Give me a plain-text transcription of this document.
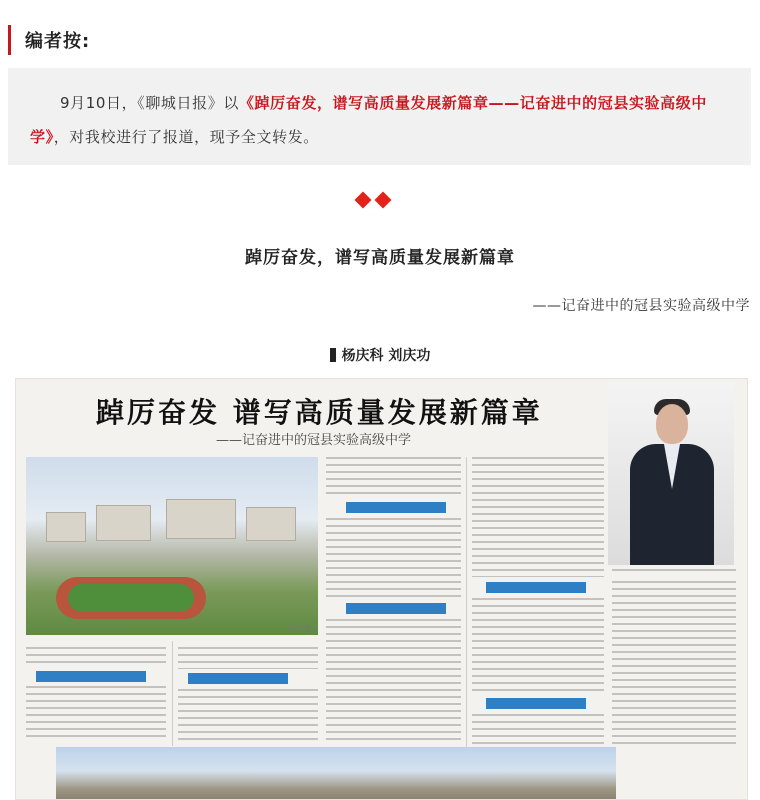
编者按:
9月10日，《聊城日报》以《踔厉奋发，谱写高质量发展新篇章——记奋进中的冠县实验高级中学》，对我校进行了报道，现予全文转发。
踔厉奋发，谱写高质量发展新篇章
——记奋进中的冠县实验高级中学
杨庆科 刘庆功
踔厉奋发 谱写高质量发展新篇章
——记奋进中的冠县实验高级中学
校园鸟瞰
